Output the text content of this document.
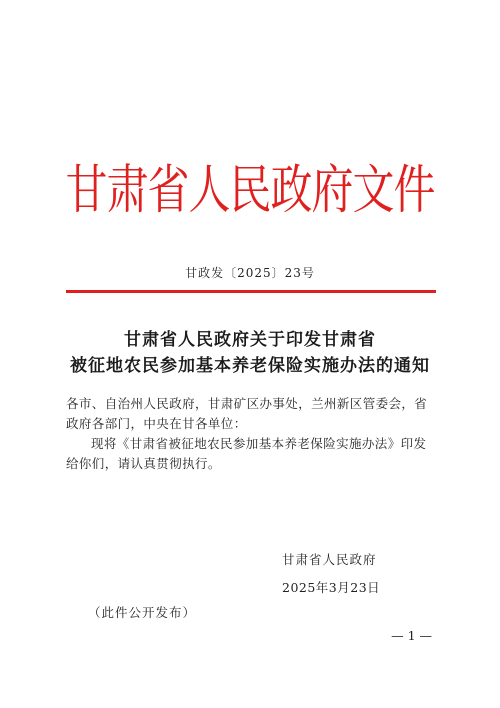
甘肃省人民政府文件
甘政发〔2025〕23号
甘肃省人民政府关于印发甘肃省
被征地农民参加基本养老保险实施办法的通知

各市、自治州人民政府，甘肃矿区办事处，兰州新区管委会，省政府各部门，中央在甘各单位：

现将《甘肃省被征地农民参加基本养老保险实施办法》印发给你们，请认真贯彻执行。

甘肃省人民政府
2025年3月23日
（此件公开发布）
— 1 —
